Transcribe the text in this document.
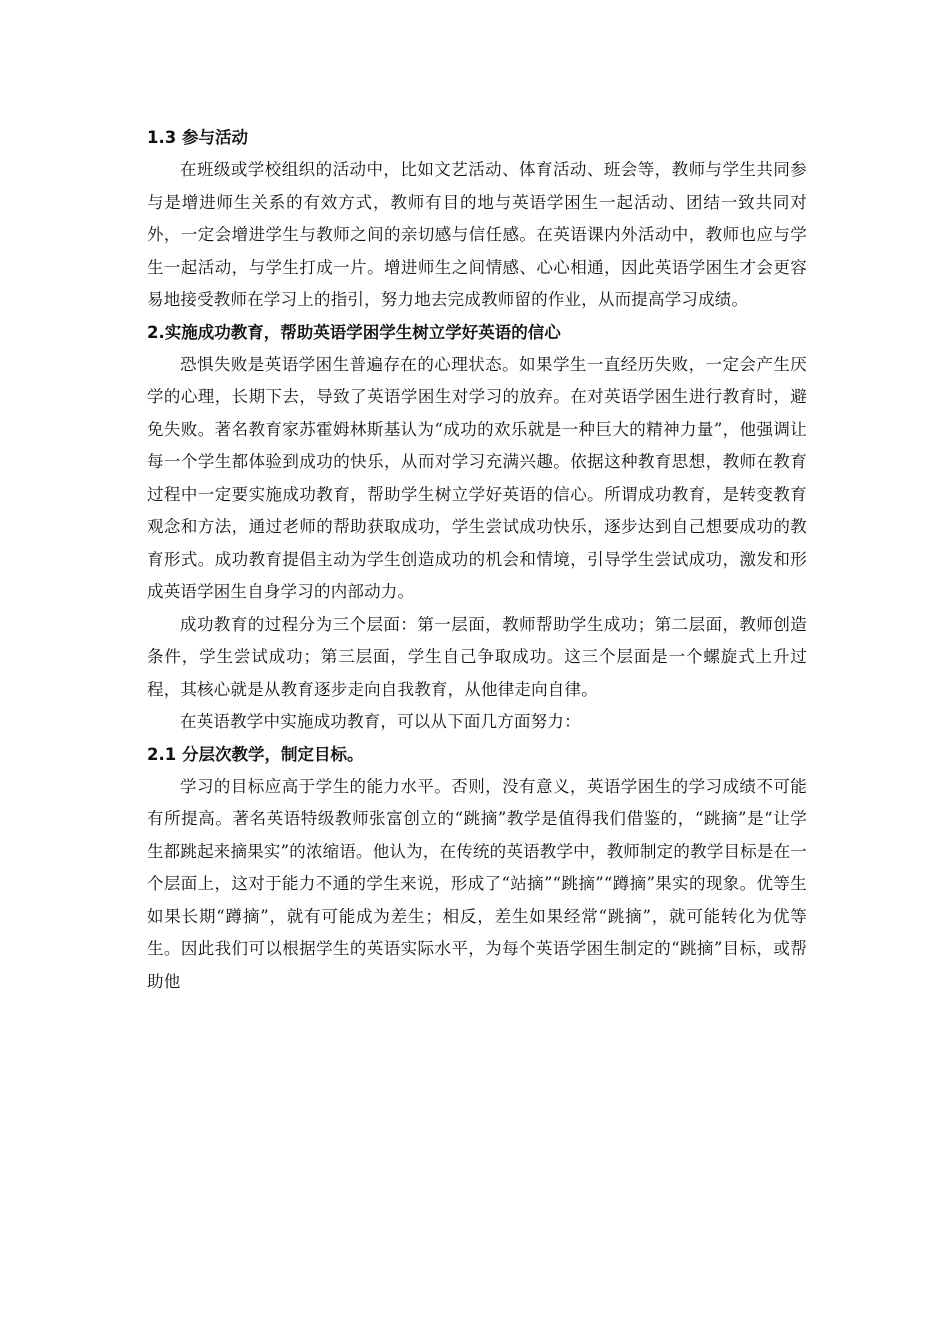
1.3 参与活动

在班级或学校组织的活动中，比如文艺活动、体育活动、班会等，教师与学生共同参与是增进师生关系的有效方式，教师有目的地与英语学困生一起活动、团结一致共同对外，一定会增进学生与教师之间的亲切感与信任感。在英语课内外活动中，教师也应与学生一起活动，与学生打成一片。增进师生之间情感、心心相通，因此英语学困生才会更容易地接受教师在学习上的指引，努力地去完成教师留的作业，从而提高学习成绩。

2.实施成功教育，帮助英语学困学生树立学好英语的信心

恐惧失败是英语学困生普遍存在的心理状态。如果学生一直经历失败，一定会产生厌学的心理，长期下去，导致了英语学困生对学习的放弃。在对英语学困生进行教育时，避免失败。著名教育家苏霍姆林斯基认为“成功的欢乐就是一种巨大的精神力量”，他强调让每一个学生都体验到成功的快乐，从而对学习充满兴趣。依据这种教育思想，教师在教育过程中一定要实施成功教育，帮助学生树立学好英语的信心。所谓成功教育，是转变教育观念和方法，通过老师的帮助获取成功，学生尝试成功快乐，逐步达到自己想要成功的教育形式。成功教育提倡主动为学生创造成功的机会和情境，引导学生尝试成功，激发和形成英语学困生自身学习的内部动力。

成功教育的过程分为三个层面：第一层面，教师帮助学生成功；第二层面，教师创造条件，学生尝试成功；第三层面，学生自己争取成功。这三个层面是一个螺旋式上升过程，其核心就是从教育逐步走向自我教育，从他律走向自律。

在英语教学中实施成功教育，可以从下面几方面努力：

2.1 分层次教学，制定目标。

学习的目标应高于学生的能力水平。否则，没有意义，英语学困生的学习成绩不可能有所提高。著名英语特级教师张富创立的“跳摘”教学是值得我们借鉴的，“跳摘”是“让学生都跳起来摘果实”的浓缩语。他认为，在传统的英语教学中，教师制定的教学目标是在一个层面上，这对于能力不通的学生来说，形成了“站摘”“跳摘”“蹲摘”果实的现象。优等生如果长期“蹲摘”，就有可能成为差生；相反，差生如果经常“跳摘”，就可能转化为优等生。因此我们可以根据学生的英语实际水平，为每个英语学困生制定的“跳摘”目标，或帮助他
